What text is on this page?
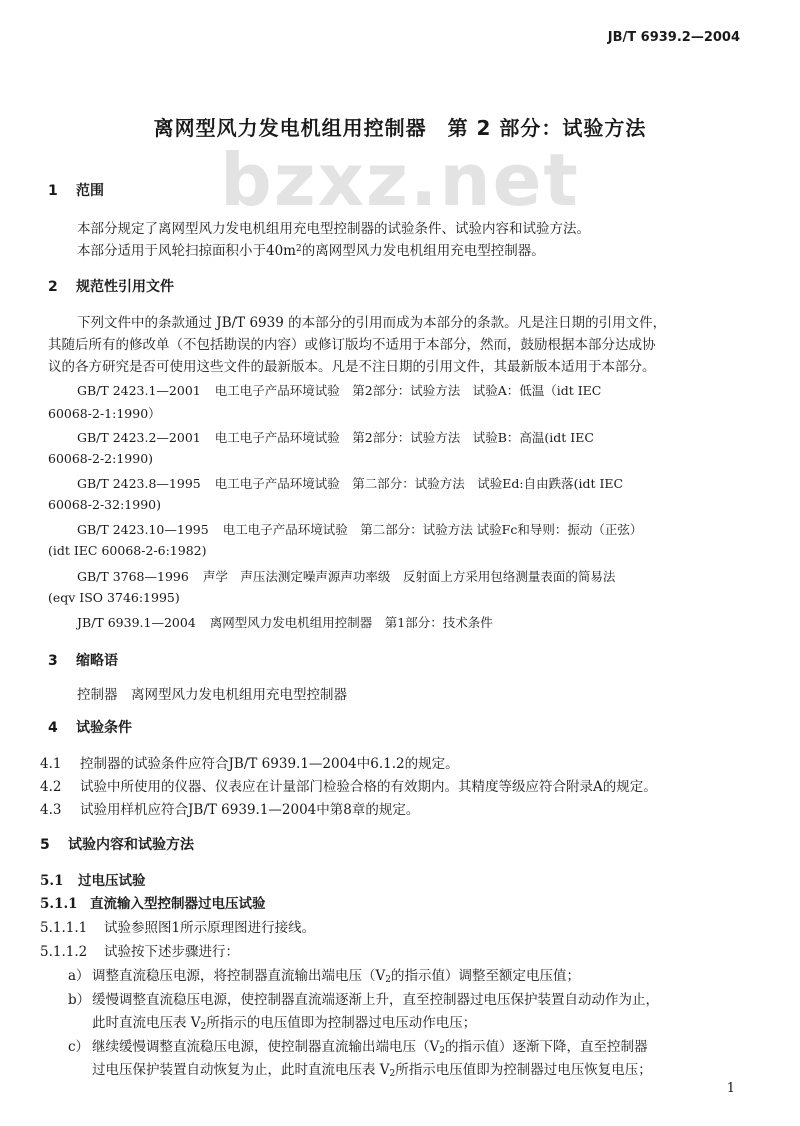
JB/T 6939.2—2004
离网型风力发电机组用控制器　第 2 部分：试验方法
bzxz.net
1 范围
本部分规定了离网型风力发电机组用充电型控制器的试验条件、试验内容和试验方法。
本部分适用于风轮扫掠面积小于$40m^2$的离网型风力发电机组用充电型控制器。
2 规范性引用文件
下列文件中的条款通过 JB/T 6939 的本部分的引用而成为本部分的条款。凡是注日期的引用文件，
其随后所有的修改单（不包括勘误的内容）或修订版均不适用于本部分，然而，鼓励根据本部分达成协
议的各方研究是否可使用这些文件的最新版本。凡是不注日期的引用文件，其最新版本适用于本部分。
GB/T 2423.1—2001 电工电子产品环境试验　第2部分：试验方法　试验A：低温（idt IEC
60068-2-1:1990）
GB/T 2423.2—2001 电工电子产品环境试验　第2部分：试验方法　试验B：高温(idt IEC
60068-2-2:1990)
GB/T 2423.8—1995 电工电子产品环境试验　第二部分：试验方法　试验Ed:自由跌落(idt IEC
60068-2-32:1990)
GB/T 2423.10—1995 电工电子产品环境试验　第二部分：试验方法 试验Fc和导则：振动（正弦）
(idt IEC 60068-2-6:1982)
GB/T 3768—1996 声学　声压法测定噪声源声功率级　反射面上方采用包络测量表面的简易法
(eqv ISO 3746:1995)
JB/T 6939.1—2004 离网型风力发电机组用控制器　第1部分：技术条件
3 缩略语
控制器　离网型风力发电机组用充电型控制器
4 试验条件
4.1 控制器的试验条件应符合JB/T 6939.1—2004中6.1.2的规定。
4.2 试验中所使用的仪器、仪表应在计量部门检验合格的有效期内。其精度等级应符合附录A的规定。
4.3 试验用样机应符合JB/T 6939.1—2004中第8章的规定。
5 试验内容和试验方法
5.1 过电压试验
5.1.1 直流输入型控制器过电压试验
5.1.1.1 试验参照图1所示原理图进行接线。
5.1.1.2 试验按下述步骤进行：
a） 调整直流稳压电源，将控制器直流输出端电压（$V_2$的指示值）调整至额定电压值；
b） 缓慢调整直流稳压电源，使控制器直流端逐渐上升，直至控制器过电压保护装置自动动作为止，
此时直流电压表 $V_2$所指示的电压值即为控制器过电压动作电压；
c） 继续缓慢调整直流稳压电源，使控制器直流输出端电压（$V_2$的指示值）逐渐下降，直至控制器
过电压保护装置自动恢复为止，此时直流电压表 $V_2$所指示电压值即为控制器过电压恢复电压；
1
